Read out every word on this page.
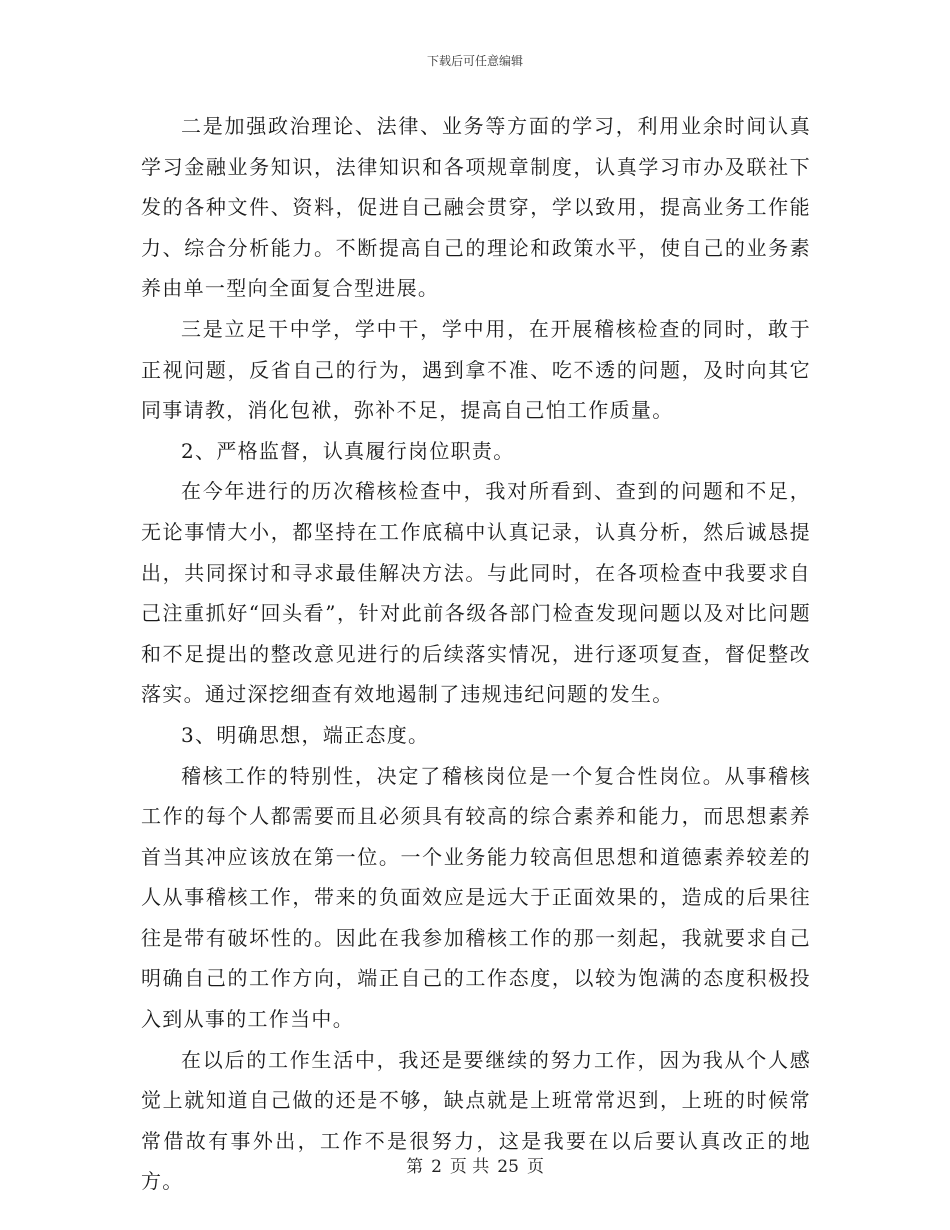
下载后可任意编辑

二是加强政治理论、法律、业务等方面的学习，利用业余时间认真学习金融业务知识，法律知识和各项规章制度，认真学习市办及联社下发的各种文件、资料，促进自己融会贯穿，学以致用，提高业务工作能力、综合分析能力。不断提高自己的理论和政策水平，使自己的业务素养由单一型向全面复合型进展。

三是立足干中学，学中干，学中用，在开展稽核检查的同时，敢于正视问题，反省自己的行为，遇到拿不准、吃不透的问题，及时向其它同事请教，消化包袱，弥补不足，提高自己怕工作质量。

2、严格监督，认真履行岗位职责。

在今年进行的历次稽核检查中，我对所看到、查到的问题和不足，无论事情大小，都坚持在工作底稿中认真记录，认真分析，然后诚恳提出，共同探讨和寻求最佳解决方法。与此同时，在各项检查中我要求自己注重抓好“回头看”，针对此前各级各部门检查发现问题以及对比问题和不足提出的整改意见进行的后续落实情况，进行逐项复查，督促整改落实。通过深挖细查有效地遏制了违规违纪问题的发生。

3、明确思想，端正态度。

稽核工作的特别性，决定了稽核岗位是一个复合性岗位。从事稽核工作的每个人都需要而且必须具有较高的综合素养和能力，而思想素养首当其冲应该放在第一位。一个业务能力较高但思想和道德素养较差的人从事稽核工作，带来的负面效应是远大于正面效果的，造成的后果往往是带有破坏性的。因此在我参加稽核工作的那一刻起，我就要求自己明确自己的工作方向，端正自己的工作态度，以较为饱满的态度积极投入到从事的工作当中。

在以后的工作生活中，我还是要继续的努力工作，因为我从个人感觉上就知道自己做的还是不够，缺点就是上班常常迟到，上班的时候常常借故有事外出，工作不是很努力，这是我要在以后要认真改正的地方。

第 2 页 共 25 页
